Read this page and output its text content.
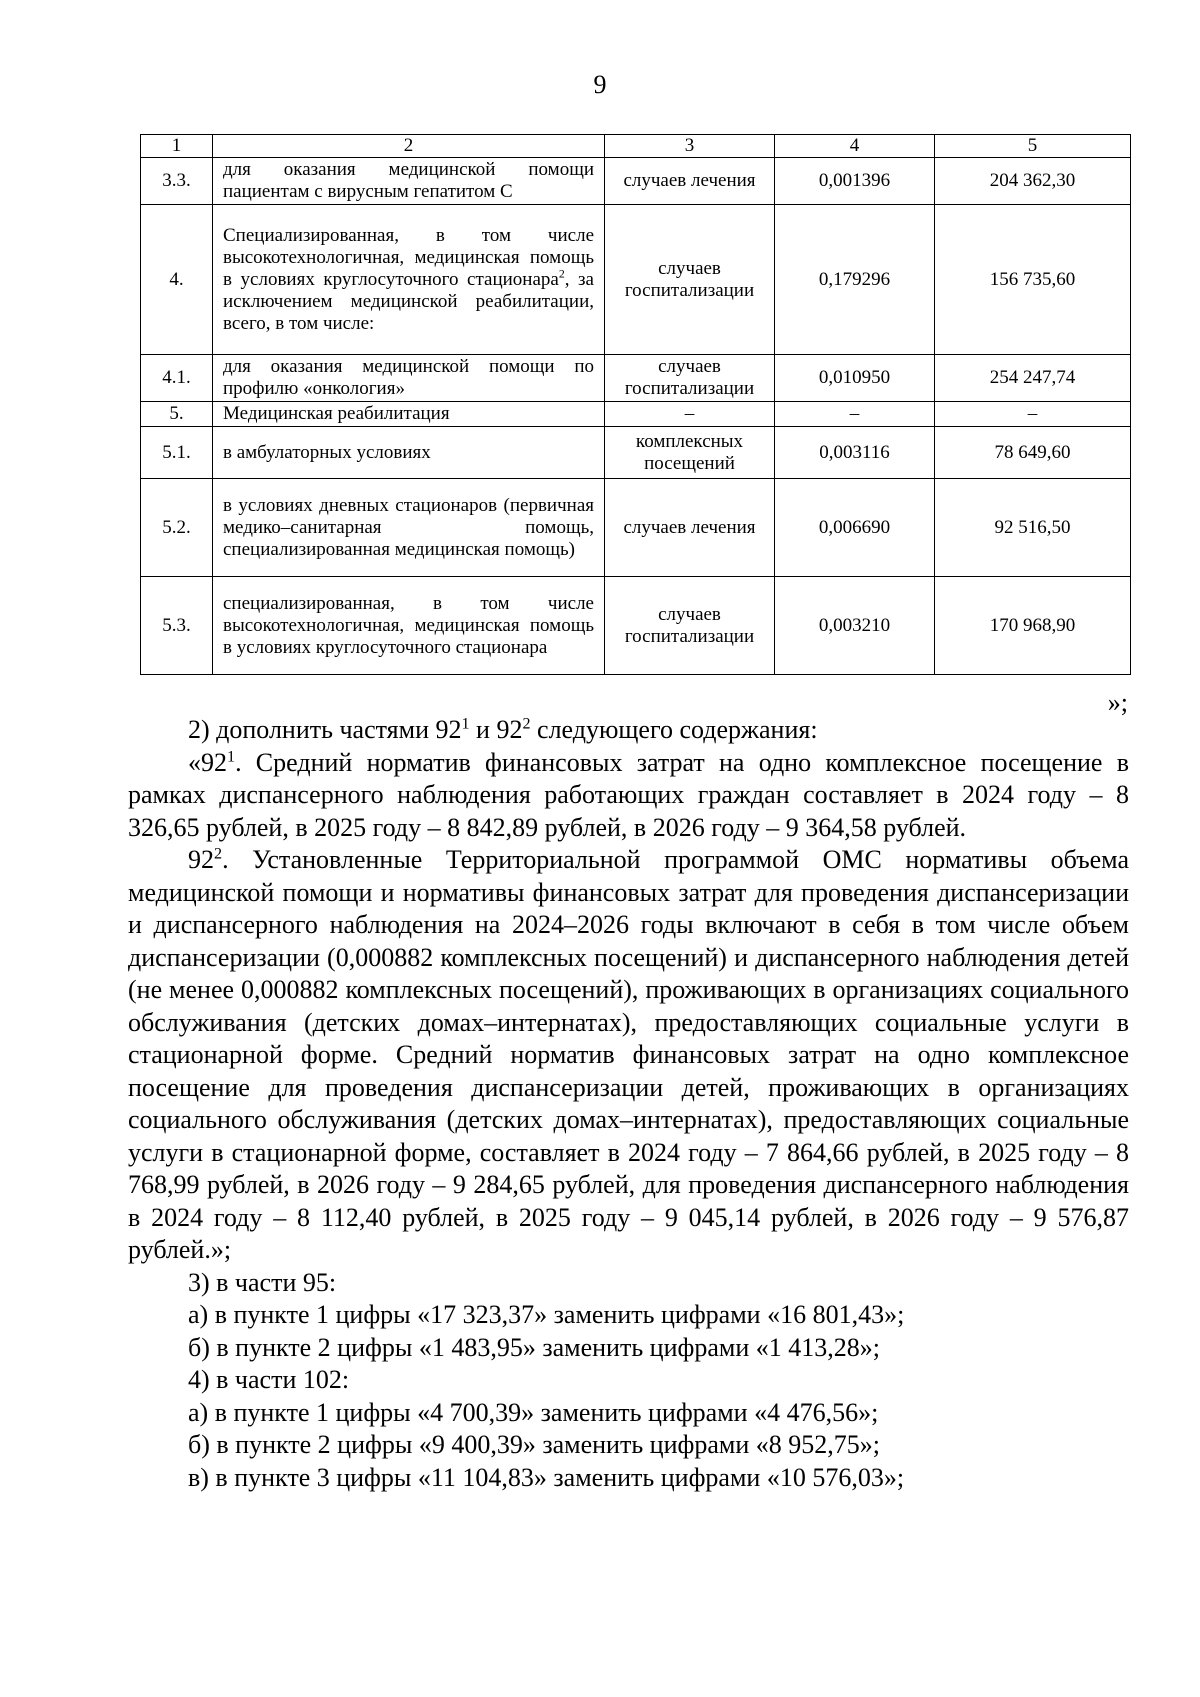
9
1	2	3	4	5
3.3.	для оказания медицинской помощи пациентам с вирусным гепатитом С	случаев лечения	0,001396	204 362,30
4.	Специализированная, в том числе высокотехнологичная, медицинская помощь в условиях круглосуточного стационара$^2$, за исключением медицинской реабилитации, всего, в том числе:	случаев госпитализации	0,179296	156 735,60
4.1.	для оказания медицинской помощи по профилю «онкология»	случаев госпитализации	0,010950	254 247,74
5.	Медицинская реабилитация	–	–	–
5.1.	в амбулаторных условиях	комплексных посещений	0,003116	78 649,60
5.2.	в условиях дневных стационаров (первичная медико–санитарная помощь, специализированная медицинская помощь)	случаев лечения	0,006690	92 516,50
5.3.	специализированная, в том числе высокотехнологичная, медицинская помощь в условиях круглосуточного стационара	случаев госпитализации	0,003210	170 968,90
»;

2) дополнить частями $92^1$ и $92^2$ следующего содержания:

«$92^1$. Средний норматив финансовых затрат на одно комплексное посещение в рамках диспансерного наблюдения работающих граждан составляет в 2024 году – 8 326,65 рублей, в 2025 году – 8 842,89 рублей, в 2026 году – 9 364,58 рублей.

$92^2$. Установленные Территориальной программой ОМС нормативы объема медицинской помощи и нормативы финансовых затрат для проведения диспансеризации и диспансерного наблюдения на 2024–2026 годы включают в себя в том числе объем диспансеризации (0,000882 комплексных посещений) и диспансерного наблюдения детей (не менее 0,000882 комплексных посещений), проживающих в организациях социального обслуживания (детских домах–интернатах), предоставляющих социальные услуги в стационарной форме. Средний норматив финансовых затрат на одно комплексное посещение для проведения диспансеризации детей, проживающих в организациях социального обслуживания (детских домах–интернатах), предоставляющих социальные услуги в стационарной форме, составляет в 2024 году – 7 864,66 рублей, в 2025 году – 8 768,99 рублей, в 2026 году – 9 284,65 рублей, для проведения диспансерного наблюдения в 2024 году – 8 112,40 рублей, в 2025 году – 9 045,14 рублей, в 2026 году – 9 576,87 рублей.»;

3) в части 95:

а) в пункте 1 цифры «17 323,37» заменить цифрами «16 801,43»;

б) в пункте 2 цифры «1 483,95» заменить цифрами «1 413,28»;

4) в части 102:

а) в пункте 1 цифры «4 700,39» заменить цифрами «4 476,56»;

б) в пункте 2 цифры «9 400,39» заменить цифрами «8 952,75»;

в) в пункте 3 цифры «11 104,83» заменить цифрами «10 576,03»;
